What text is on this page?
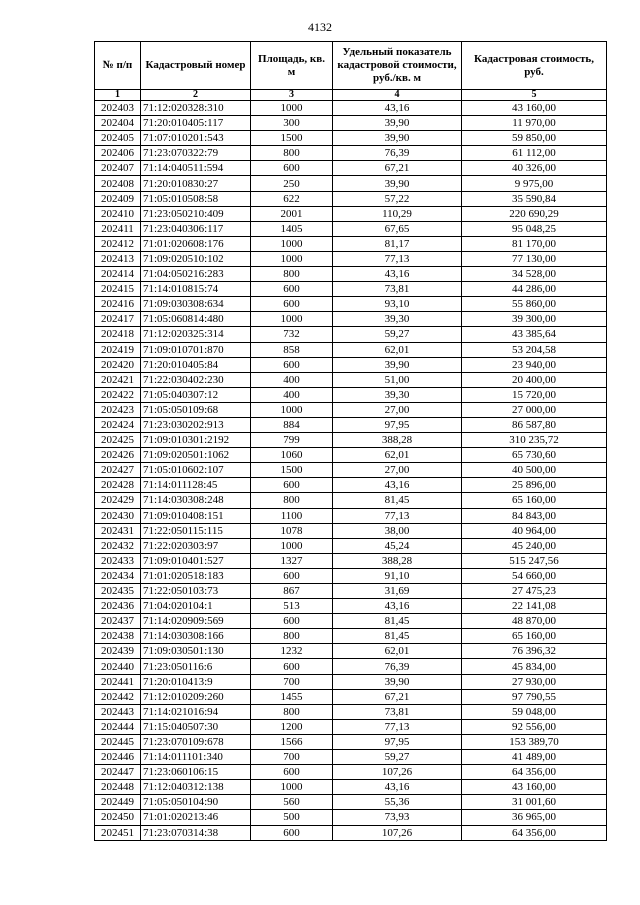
4132
№ п/п	Кадастровый номер	Площадь, кв. м	Удельный показатель кадастровой стоимости, руб./кв. м	Кадастровая стоимость, руб.
1	2	3	4	5
202403	71:12:020328:310	1000	43,16	43 160,00
202404	71:20:010405:117	300	39,90	11 970,00
202405	71:07:010201:543	1500	39,90	59 850,00
202406	71:23:070322:79	800	76,39	61 112,00
202407	71:14:040511:594	600	67,21	40 326,00
202408	71:20:010830:27	250	39,90	9 975,00
202409	71:05:010508:58	622	57,22	35 590,84
202410	71:23:050210:409	2001	110,29	220 690,29
202411	71:23:040306:117	1405	67,65	95 048,25
202412	71:01:020608:176	1000	81,17	81 170,00
202413	71:09:020510:102	1000	77,13	77 130,00
202414	71:04:050216:283	800	43,16	34 528,00
202415	71:14:010815:74	600	73,81	44 286,00
202416	71:09:030308:634	600	93,10	55 860,00
202417	71:05:060814:480	1000	39,30	39 300,00
202418	71:12:020325:314	732	59,27	43 385,64
202419	71:09:010701:870	858	62,01	53 204,58
202420	71:20:010405:84	600	39,90	23 940,00
202421	71:22:030402:230	400	51,00	20 400,00
202422	71:05:040307:12	400	39,30	15 720,00
202423	71:05:050109:68	1000	27,00	27 000,00
202424	71:23:030202:913	884	97,95	86 587,80
202425	71:09:010301:2192	799	388,28	310 235,72
202426	71:09:020501:1062	1060	62,01	65 730,60
202427	71:05:010602:107	1500	27,00	40 500,00
202428	71:14:011128:45	600	43,16	25 896,00
202429	71:14:030308:248	800	81,45	65 160,00
202430	71:09:010408:151	1100	77,13	84 843,00
202431	71:22:050115:115	1078	38,00	40 964,00
202432	71:22:020303:97	1000	45,24	45 240,00
202433	71:09:010401:527	1327	388,28	515 247,56
202434	71:01:020518:183	600	91,10	54 660,00
202435	71:22:050103:73	867	31,69	27 475,23
202436	71:04:020104:1	513	43,16	22 141,08
202437	71:14:020909:569	600	81,45	48 870,00
202438	71:14:030308:166	800	81,45	65 160,00
202439	71:09:030501:130	1232	62,01	76 396,32
202440	71:23:050116:6	600	76,39	45 834,00
202441	71:20:010413:9	700	39,90	27 930,00
202442	71:12:010209:260	1455	67,21	97 790,55
202443	71:14:021016:94	800	73,81	59 048,00
202444	71:15:040507:30	1200	77,13	92 556,00
202445	71:23:070109:678	1566	97,95	153 389,70
202446	71:14:011101:340	700	59,27	41 489,00
202447	71:23:060106:15	600	107,26	64 356,00
202448	71:12:040312:138	1000	43,16	43 160,00
202449	71:05:050104:90	560	55,36	31 001,60
202450	71:01:020213:46	500	73,93	36 965,00
202451	71:23:070314:38	600	107,26	64 356,00
